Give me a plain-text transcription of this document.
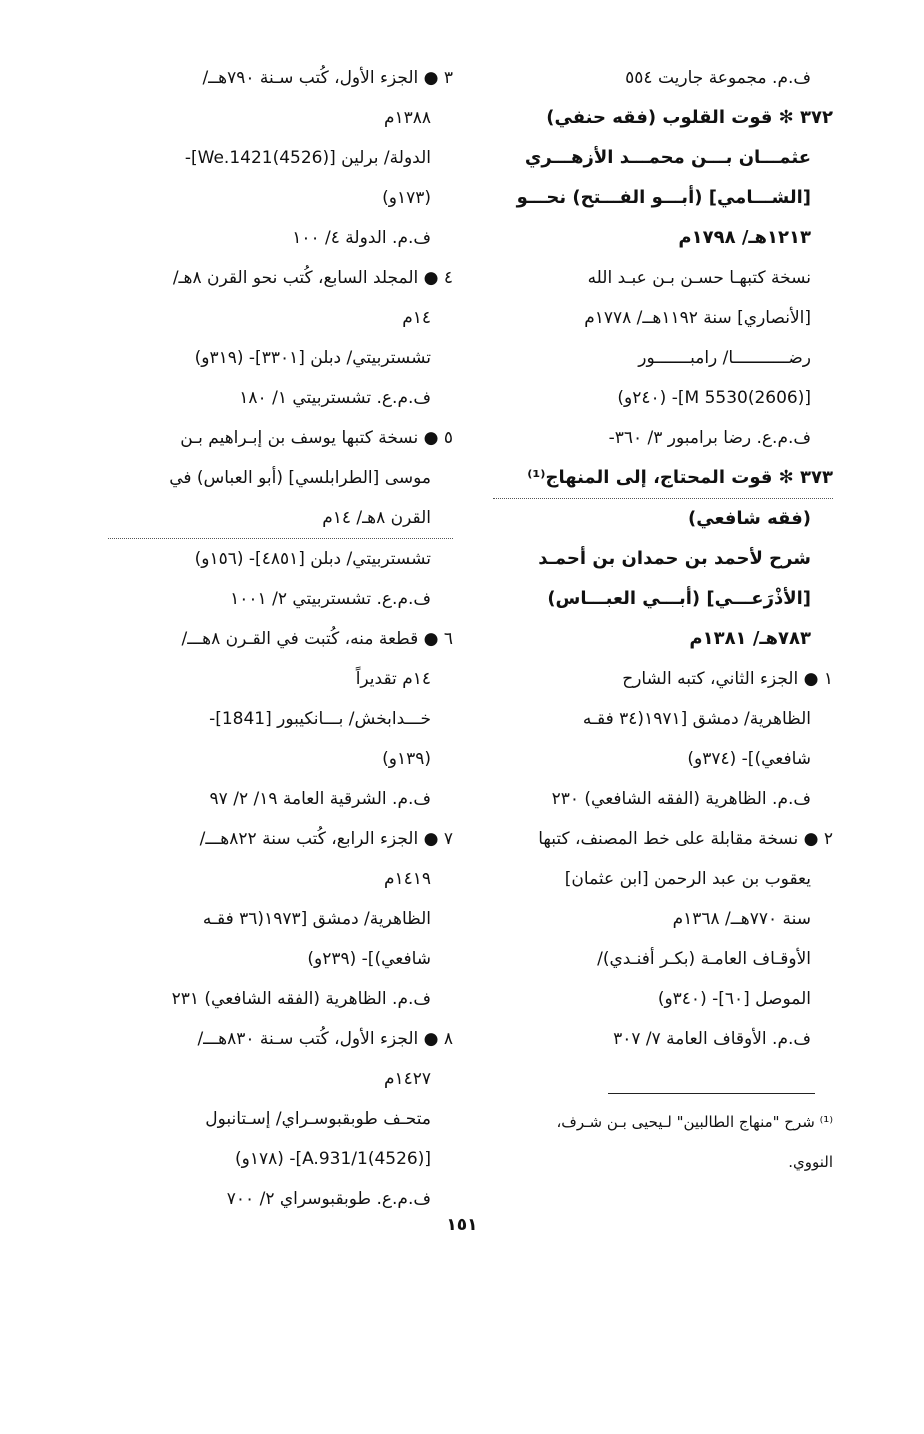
ف.م. مجموعة جاريت ٥٥٤
٣٧٢ ✻ قوت القلوب (فقه حنفي)
عثمـــان بـــن محمـــد الأزهـــري
[الشـــامي] (أبـــو الفـــتح) نحـــو
١٢١٣هـ/ ١٧٩٨م
نسخة كتبهـا حسـن بـن عبـد الله
[الأنصاري] سنة ١١٩٢هــ/ ١٧٧٨م
رضـــــــــــا/ رامبـــــــور
[(2606)5530 M]- (٢٤٠و)
ف.م.ع. رضا برامبور ٣/ ٣٦٠-
٣٧٣ ✻ قوت المحتاج، إلى المنهاج⁽¹⁾
(فقه شافعي)
شرح لأحمد بن حمدان بن أحمـد
[الأذْرَعـــي] (أبـــي العبـــاس)
٧٨٣هـ/ ١٣٨١م
١ ● الجزء الثاني، كتبه الشارح
الظاهرية/ دمشق [١٩٧١(٣٤ فقـه
شافعي)]- (٣٧٤و)
ف.م. الظاهرية (الفقه الشافعي) ٢٣٠
٢ ● نسخة مقابلة على خط المصنف، كتبها
يعقوب بن عبد الرحمن [ابن عثمان]
سنة ٧٧٠هــ/ ١٣٦٨م
الأوقـاف العامـة (بكـر أفنـدي)/
الموصل [٦٠]- (٣٤٠و)
ف.م. الأوقاف العامة ٧/ ٣٠٧
٣ ● الجزء الأول، كُتب سـنة ٧٩٠هــ/
١٣٨٨م
الدولة/ برلين [(4526)We.1421]-
(١٧٣و)
ف.م. الدولة ٤/ ١٠٠
٤ ● المجلد السابع، كُتب نحو القرن ٨هـ/
١٤م
تشستربيتي/ دبلن [٣٣٠١]- (٣١٩و)
ف.م.ع. تشستربيتي ١/ ١٨٠
٥ ● نسخة كتبها يوسف بن إبـراهيم بـن
موسى [الطرابلسي] (أبو العباس) في
القرن ٨هـ/ ١٤م
تشستربيتي/ دبلن [٤٨٥١]- (١٥٦و)
ف.م.ع. تشستربيتي ٢/ ١٠٠١
٦ ● قطعة منه، كُتبت في القـرن ٨هـــ/
١٤م تقديراً
خـــدابخش/ بـــانكيبور [1841]-
(١٣٩و)
ف.م. الشرقية العامة ١٩/ ٢/ ٩٧
٧ ● الجزء الرابع، كُتب سنة ٨٢٢هـــ/
١٤١٩م
الظاهرية/ دمشق [١٩٧٣(٣٦ فقـه
شافعي)]- (٢٣٩و)
ف.م. الظاهرية (الفقه الشافعي) ٢٣١
٨ ● الجزء الأول، كُتب سـنة ٨٣٠هـــ/
١٤٢٧م
متحـف طوبقبوسـراي/ إسـتانبول
[(4526)A.931/1]- (١٧٨و)
ف.م.ع. طوبقبوسراي ٢/ ٧٠٠
⁽¹⁾ شرح "منهاج الطالبين" لـيحيى بـن شـرف،
النووي.
١٥١
